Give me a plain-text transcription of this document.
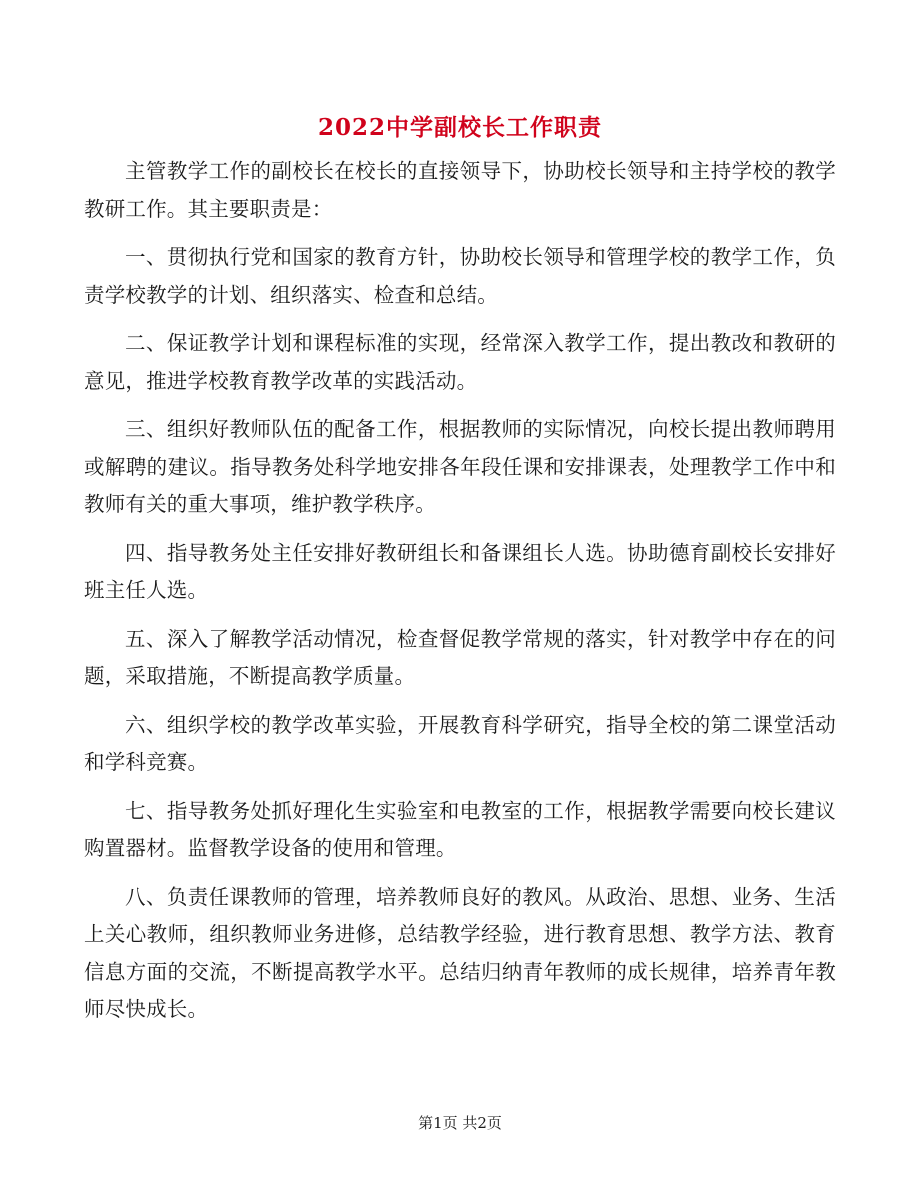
2022中学副校长工作职责

主管教学工作的副校长在校长的直接领导下，协助校长领导和主持学校的教学教研工作。其主要职责是：

一、贯彻执行党和国家的教育方针，协助校长领导和管理学校的教学工作，负责学校教学的计划、组织落实、检查和总结。

二、保证教学计划和课程标准的实现，经常深入教学工作，提出教改和教研的意见，推进学校教育教学改革的实践活动。

三、组织好教师队伍的配备工作，根据教师的实际情况，向校长提出教师聘用或解聘的建议。指导教务处科学地安排各年段任课和安排课表，处理教学工作中和教师有关的重大事项，维护教学秩序。

四、指导教务处主任安排好教研组长和备课组长人选。协助德育副校长安排好班主任人选。

五、深入了解教学活动情况，检查督促教学常规的落实，针对教学中存在的问题，采取措施，不断提高教学质量。

六、组织学校的教学改革实验，开展教育科学研究，指导全校的第二课堂活动和学科竞赛。

七、指导教务处抓好理化生实验室和电教室的工作，根据教学需要向校长建议购置器材。监督教学设备的使用和管理。

八、负责任课教师的管理，培养教师良好的教风。从政治、思想、业务、生活上关心教师，组织教师业务进修，总结教学经验，进行教育思想、教学方法、教育信息方面的交流，不断提高教学水平。总结归纳青年教师的成长规律，培养青年教师尽快成长。

第1页 共2页
